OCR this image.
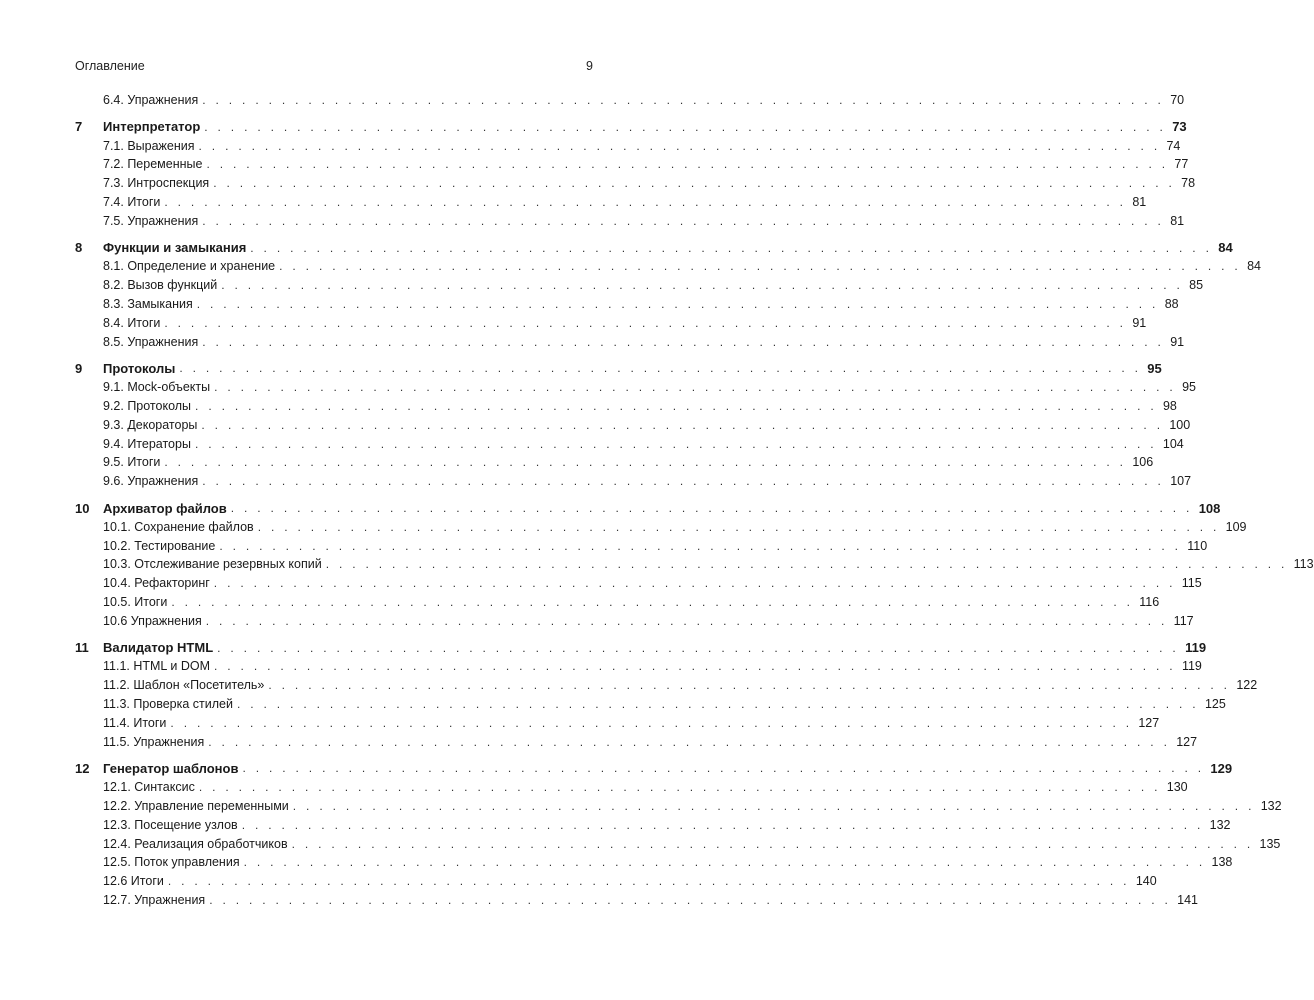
Оглавление	9
6.4. Упражнения . . . . . . . . . . . . . . . . . . . . . . . . . . . . . . . . . . . . . . . . . . . . . . . . . . . . . . . . . . . . . . . . . . . . . . . . . 70
7	Интерпретатор . . . . . . . . . . . . . . . . . . . . . . . . . . . . . . . . . . . . . . . . . . . . . . . . . . . . . . . . . . . . . . . . . . . . . . . . . 73
7.1. Выражения . . . . . . . . . . . . . . . . . . . . . . . . . . . . . . . . . . . . . . . . . . . . . . . . . . . . . . . . . . . . . . . . . . . . . . . . . 74
7.2. Переменные . . . . . . . . . . . . . . . . . . . . . . . . . . . . . . . . . . . . . . . . . . . . . . . . . . . . . . . . . . . . . . . . . . . . . . . . . 77
7.3. Интроспекция . . . . . . . . . . . . . . . . . . . . . . . . . . . . . . . . . . . . . . . . . . . . . . . . . . . . . . . . . . . . . . . . . . . . . . . . . 78
7.4. Итоги . . . . . . . . . . . . . . . . . . . . . . . . . . . . . . . . . . . . . . . . . . . . . . . . . . . . . . . . . . . . . . . . . . . . . . . . . 81
7.5. Упражнения . . . . . . . . . . . . . . . . . . . . . . . . . . . . . . . . . . . . . . . . . . . . . . . . . . . . . . . . . . . . . . . . . . . . . . . . . 81
8	Функции и замыкания . . . . . . . . . . . . . . . . . . . . . . . . . . . . . . . . . . . . . . . . . . . . . . . . . . . . . . . . . . . . . . . . . . . . . . . . . 84
8.1. Определение и хранение . . . . . . . . . . . . . . . . . . . . . . . . . . . . . . . . . . . . . . . . . . . . . . . . . . . . . . . . . . . . . . . . . . . . . . . . . 84
8.2. Вызов функций . . . . . . . . . . . . . . . . . . . . . . . . . . . . . . . . . . . . . . . . . . . . . . . . . . . . . . . . . . . . . . . . . . . . . . . . . 85
8.3. Замыкания . . . . . . . . . . . . . . . . . . . . . . . . . . . . . . . . . . . . . . . . . . . . . . . . . . . . . . . . . . . . . . . . . . . . . . . . . 88
8.4. Итоги . . . . . . . . . . . . . . . . . . . . . . . . . . . . . . . . . . . . . . . . . . . . . . . . . . . . . . . . . . . . . . . . . . . . . . . . . 91
8.5. Упражнения . . . . . . . . . . . . . . . . . . . . . . . . . . . . . . . . . . . . . . . . . . . . . . . . . . . . . . . . . . . . . . . . . . . . . . . . . 91
9	Протоколы . . . . . . . . . . . . . . . . . . . . . . . . . . . . . . . . . . . . . . . . . . . . . . . . . . . . . . . . . . . . . . . . . . . . . . . . . 95
9.1. Mock-объекты . . . . . . . . . . . . . . . . . . . . . . . . . . . . . . . . . . . . . . . . . . . . . . . . . . . . . . . . . . . . . . . . . . . . . . . . . 95
9.2. Протоколы . . . . . . . . . . . . . . . . . . . . . . . . . . . . . . . . . . . . . . . . . . . . . . . . . . . . . . . . . . . . . . . . . . . . . . . . . 98
9.3. Декораторы . . . . . . . . . . . . . . . . . . . . . . . . . . . . . . . . . . . . . . . . . . . . . . . . . . . . . . . . . . . . . . . . . . . . . . . . . 100
9.4. Итераторы . . . . . . . . . . . . . . . . . . . . . . . . . . . . . . . . . . . . . . . . . . . . . . . . . . . . . . . . . . . . . . . . . . . . . . . . . 104
9.5. Итоги . . . . . . . . . . . . . . . . . . . . . . . . . . . . . . . . . . . . . . . . . . . . . . . . . . . . . . . . . . . . . . . . . . . . . . . . . 106
9.6. Упражнения . . . . . . . . . . . . . . . . . . . . . . . . . . . . . . . . . . . . . . . . . . . . . . . . . . . . . . . . . . . . . . . . . . . . . . . . . 107
10	Архиватор файлов . . . . . . . . . . . . . . . . . . . . . . . . . . . . . . . . . . . . . . . . . . . . . . . . . . . . . . . . . . . . . . . . . . . . . . . . . 108
10.1. Сохранение файлов . . . . . . . . . . . . . . . . . . . . . . . . . . . . . . . . . . . . . . . . . . . . . . . . . . . . . . . . . . . . . . . . . . . . . . . . . 109
10.2. Тестирование . . . . . . . . . . . . . . . . . . . . . . . . . . . . . . . . . . . . . . . . . . . . . . . . . . . . . . . . . . . . . . . . . . . . . . . . . 110
10.3. Отслеживание резервных копий . . . . . . . . . . . . . . . . . . . . . . . . . . . . . . . . . . . . . . . . . . . . . . . . . . . . . . . . . . . . . . . . . . . . . . . . . 113
10.4. Рефакторинг . . . . . . . . . . . . . . . . . . . . . . . . . . . . . . . . . . . . . . . . . . . . . . . . . . . . . . . . . . . . . . . . . . . . . . . . . 115
10.5. Итоги . . . . . . . . . . . . . . . . . . . . . . . . . . . . . . . . . . . . . . . . . . . . . . . . . . . . . . . . . . . . . . . . . . . . . . . . . 116
10.6 Упражнения . . . . . . . . . . . . . . . . . . . . . . . . . . . . . . . . . . . . . . . . . . . . . . . . . . . . . . . . . . . . . . . . . . . . . . . . . 117
11	Валидатор HTML . . . . . . . . . . . . . . . . . . . . . . . . . . . . . . . . . . . . . . . . . . . . . . . . . . . . . . . . . . . . . . . . . . . . . . . . . 119
11.1. HTML и DOM . . . . . . . . . . . . . . . . . . . . . . . . . . . . . . . . . . . . . . . . . . . . . . . . . . . . . . . . . . . . . . . . . . . . . . . . . 119
11.2. Шаблон «Посетитель» . . . . . . . . . . . . . . . . . . . . . . . . . . . . . . . . . . . . . . . . . . . . . . . . . . . . . . . . . . . . . . . . . . . . . . . . . 122
11.3. Проверка стилей . . . . . . . . . . . . . . . . . . . . . . . . . . . . . . . . . . . . . . . . . . . . . . . . . . . . . . . . . . . . . . . . . . . . . . . . . 125
11.4. Итоги . . . . . . . . . . . . . . . . . . . . . . . . . . . . . . . . . . . . . . . . . . . . . . . . . . . . . . . . . . . . . . . . . . . . . . . . . 127
11.5. Упражнения . . . . . . . . . . . . . . . . . . . . . . . . . . . . . . . . . . . . . . . . . . . . . . . . . . . . . . . . . . . . . . . . . . . . . . . . . 127
12	Генератор шаблонов . . . . . . . . . . . . . . . . . . . . . . . . . . . . . . . . . . . . . . . . . . . . . . . . . . . . . . . . . . . . . . . . . . . . . . . . . 129
12.1. Синтаксис . . . . . . . . . . . . . . . . . . . . . . . . . . . . . . . . . . . . . . . . . . . . . . . . . . . . . . . . . . . . . . . . . . . . . . . . . 130
12.2. Управление переменными . . . . . . . . . . . . . . . . . . . . . . . . . . . . . . . . . . . . . . . . . . . . . . . . . . . . . . . . . . . . . . . . . . . . . . . . . 132
12.3. Посещение узлов . . . . . . . . . . . . . . . . . . . . . . . . . . . . . . . . . . . . . . . . . . . . . . . . . . . . . . . . . . . . . . . . . . . . . . . . . 132
12.4. Реализация обработчиков . . . . . . . . . . . . . . . . . . . . . . . . . . . . . . . . . . . . . . . . . . . . . . . . . . . . . . . . . . . . . . . . . . . . . . . . . 135
12.5. Поток управления . . . . . . . . . . . . . . . . . . . . . . . . . . . . . . . . . . . . . . . . . . . . . . . . . . . . . . . . . . . . . . . . . . . . . . . . . 138
12.6 Итоги . . . . . . . . . . . . . . . . . . . . . . . . . . . . . . . . . . . . . . . . . . . . . . . . . . . . . . . . . . . . . . . . . . . . . . . . . 140
12.7. Упражнения . . . . . . . . . . . . . . . . . . . . . . . . . . . . . . . . . . . . . . . . . . . . . . . . . . . . . . . . . . . . . . . . . . . . . . . . . 141
